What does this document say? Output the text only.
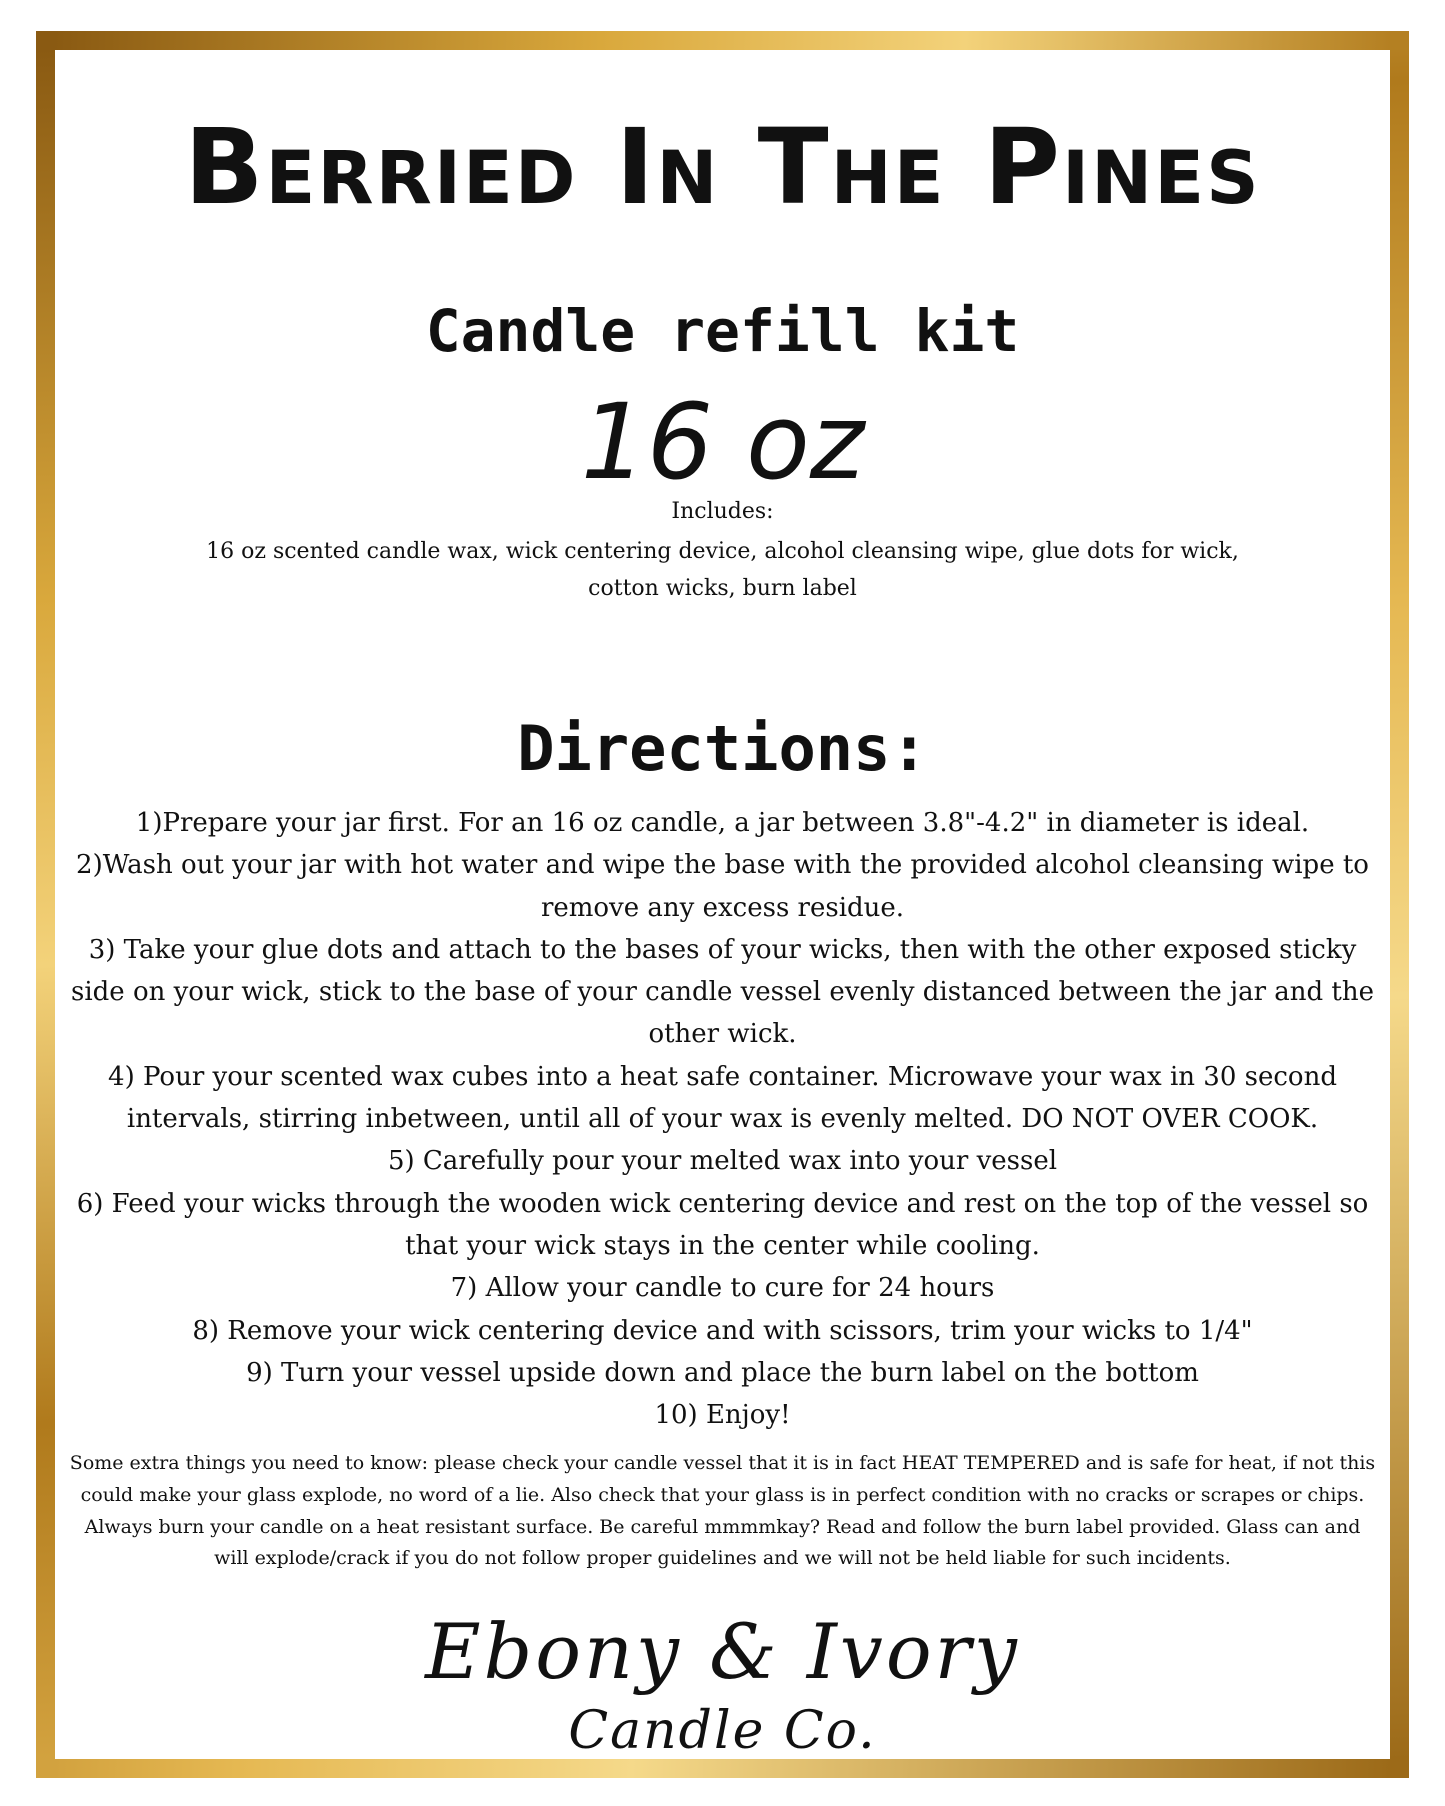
Berried In The Pines
Candle refill kit
16 oz
Includes:
16 oz scented candle wax, wick centering device, alcohol cleansing wipe, glue dots for wick, cotton wicks, burn label
Directions:
1)Prepare your jar first. For an 16 oz candle, a jar between 3.8"-4.2" in diameter is ideal.
2)Wash out your jar with hot water and wipe the base with the provided alcohol cleansing wipe to remove any excess residue.
3) Take your glue dots and attach to the bases of your wicks, then with the other exposed sticky side on your wick, stick to the base of your candle vessel evenly distanced between the jar and the other wick.
4) Pour your scented wax cubes into a heat safe container. Microwave your wax in 30 second intervals, stirring inbetween, until all of your wax is evenly melted. DO NOT OVER COOK.
5) Carefully pour your melted wax into your vessel
6) Feed your wicks through the wooden wick centering device and rest on the top of the vessel so that your wick stays in the center while cooling.
7) Allow your candle to cure for 24 hours
8) Remove your wick centering device and with scissors, trim your wicks to 1/4"
9) Turn your vessel upside down and place the burn label on the bottom
10) Enjoy!
Some extra things you need to know: please check your candle vessel that it is in fact HEAT TEMPERED and is safe for heat, if not this could make your glass explode, no word of a lie. Also check that your glass is in perfect condition with no cracks or scrapes or chips. Always burn your candle on a heat resistant surface. Be careful mmmmkay? Read and follow the burn label provided. Glass can and will explode/crack if you do not follow proper guidelines and we will not be held liable for such incidents.
Ebony & Ivory
Candle Co.
